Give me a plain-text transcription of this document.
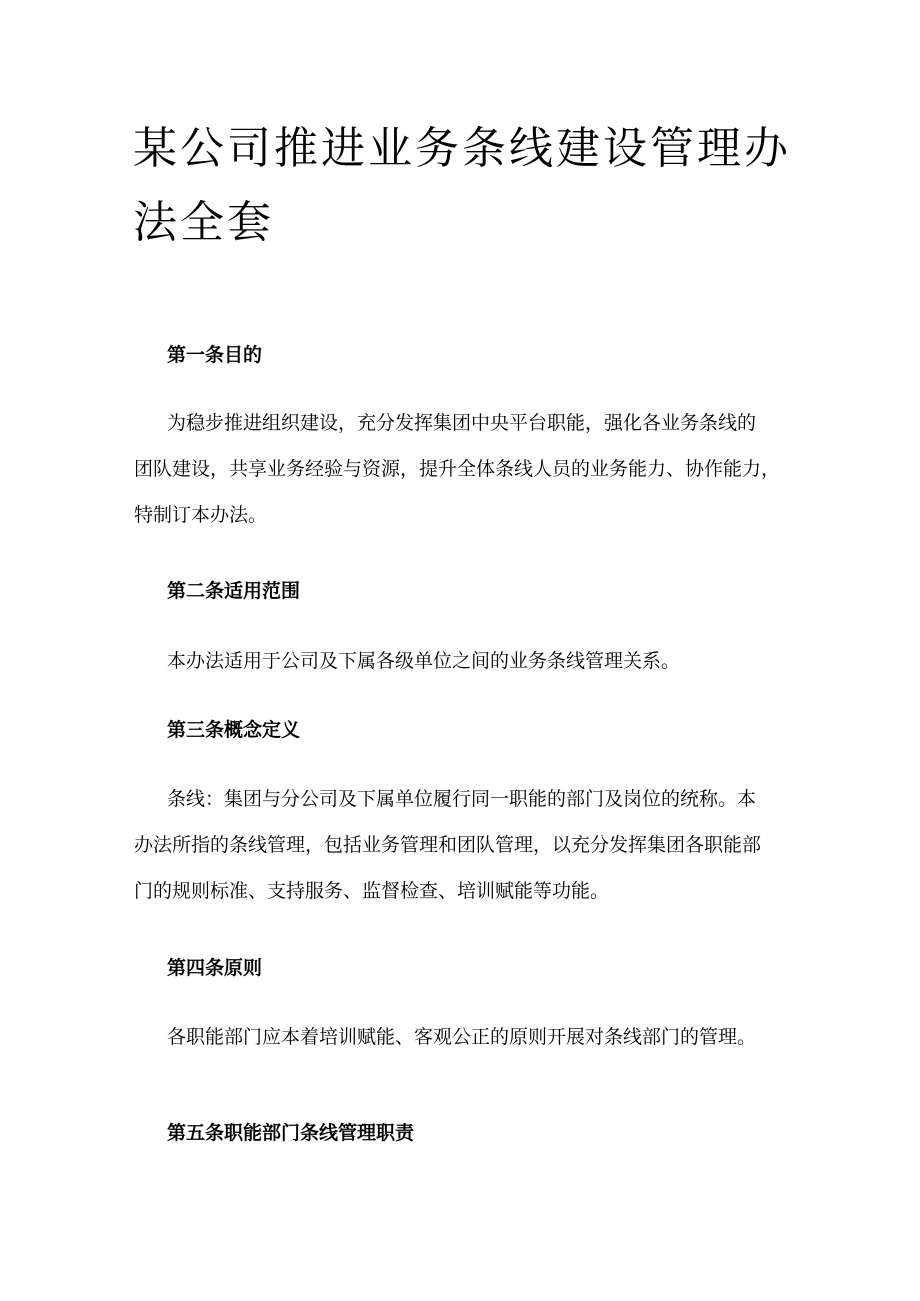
某公司推进业务条线建设管理办法全套
第一条目的

为稳步推进组织建设，充分发挥集团中央平台职能，强化各业务条线的
团队建设，共享业务经验与资源，提升全体条线人员的业务能力、协作能力，
特制订本办法。

第二条适用范围

本办法适用于公司及下属各级单位之间的业务条线管理关系。

第三条概念定义

条线：集团与分公司及下属单位履行同一职能的部门及岗位的统称。本
办法所指的条线管理，包括业务管理和团队管理，以充分发挥集团各职能部
门的规则标准、支持服务、监督检查、培训赋能等功能。

第四条原则

各职能部门应本着培训赋能、客观公正的原则开展对条线部门的管理。

第五条职能部门条线管理职责
